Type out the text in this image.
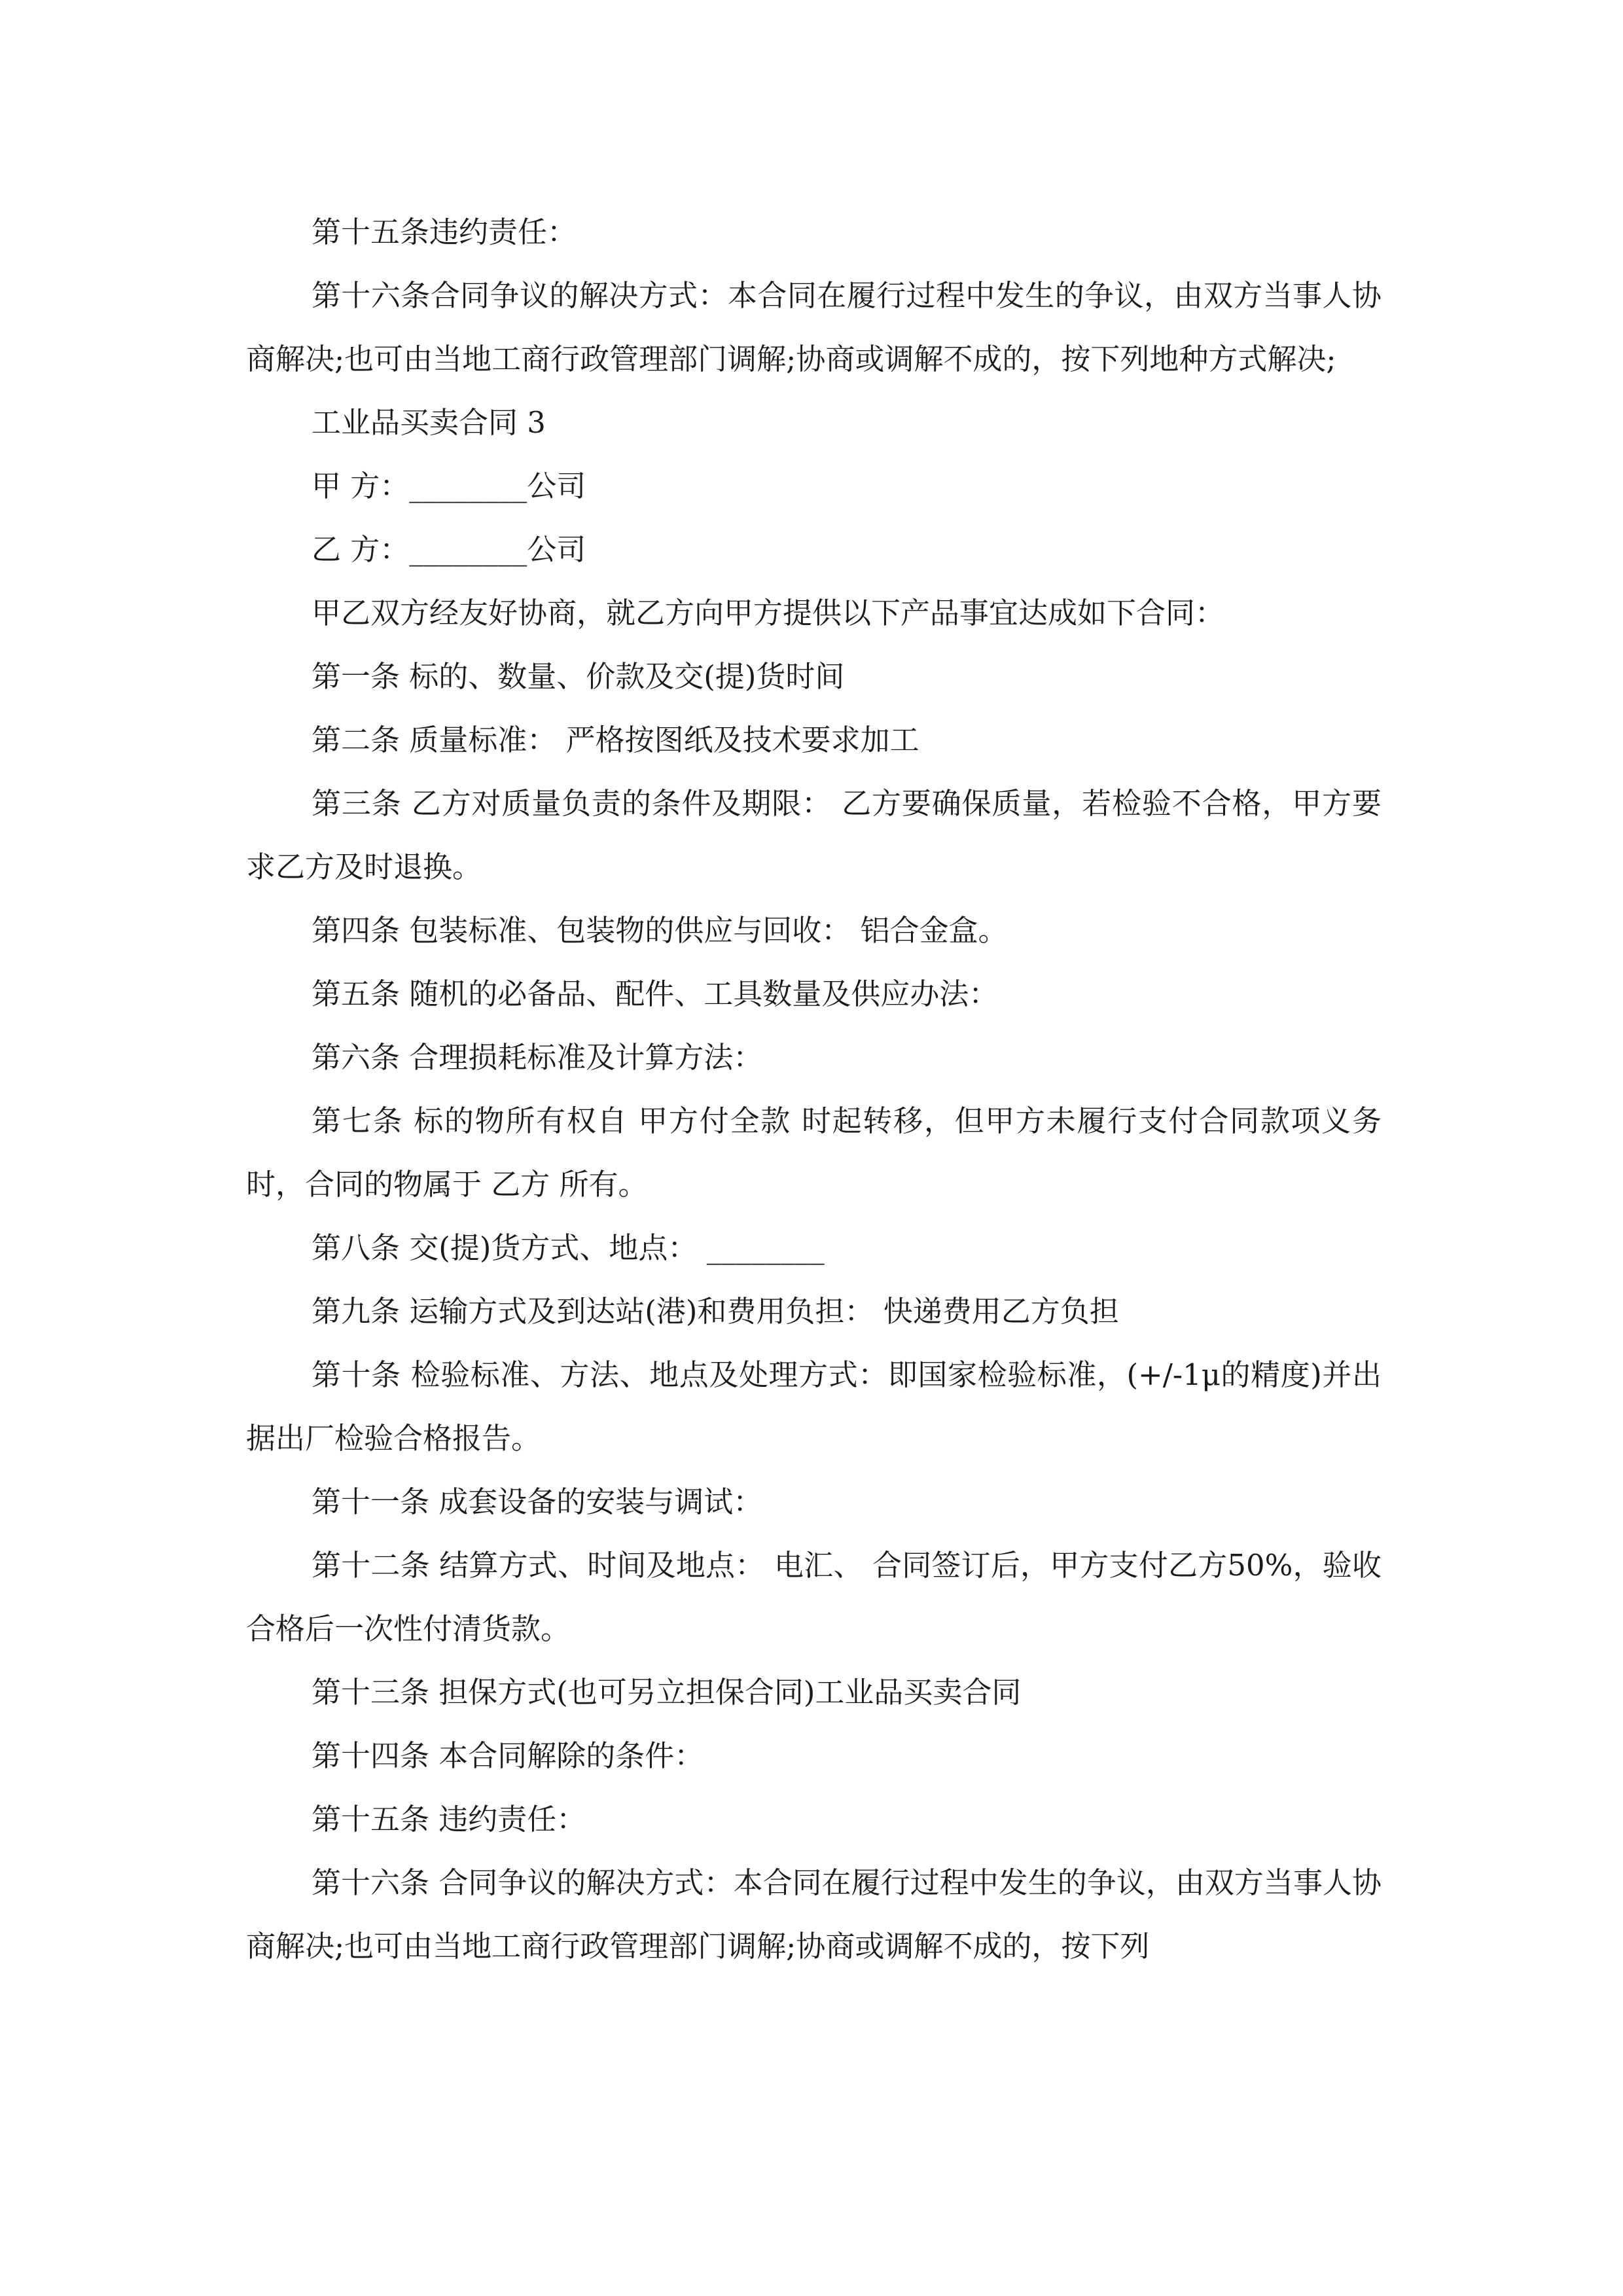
第十五条违约责任：

第十六条合同争议的解决方式：本合同在履行过程中发生的争议，由双方当事人协商解决;也可由当地工商行政管理部门调解;协商或调解不成的，按下列地种方式解决;

工业品买卖合同 3

甲 方：________公司

乙 方：________公司

甲乙双方经友好协商，就乙方向甲方提供以下产品事宜达成如下合同：

第一条 标的、数量、价款及交(提)货时间

第二条 质量标准： 严格按图纸及技术要求加工

第三条 乙方对质量负责的条件及期限： 乙方要确保质量，若检验不合格，甲方要求乙方及时退换。

第四条 包装标准、包装物的供应与回收： 铝合金盒。

第五条 随机的必备品、配件、工具数量及供应办法：

第六条 合理损耗标准及计算方法：

第七条 标的物所有权自 甲方付全款 时起转移，但甲方未履行支付合同款项义务时，合同的物属于 乙方 所有。

第八条 交(提)货方式、地点： ________

第九条 运输方式及到达站(港)和费用负担： 快递费用乙方负担

第十条 检验标准、方法、地点及处理方式：即国家检验标准，(+/-1μ的精度)并出据出厂检验合格报告。

第十一条 成套设备的安装与调试：

第十二条 结算方式、时间及地点： 电汇、 合同签订后，甲方支付乙方50%，验收合格后一次性付清货款。

第十三条 担保方式(也可另立担保合同)工业品买卖合同

第十四条 本合同解除的条件：

第十五条 违约责任：

第十六条 合同争议的解决方式：本合同在履行过程中发生的争议，由双方当事人协商解决;也可由当地工商行政管理部门调解;协商或调解不成的，按下列
